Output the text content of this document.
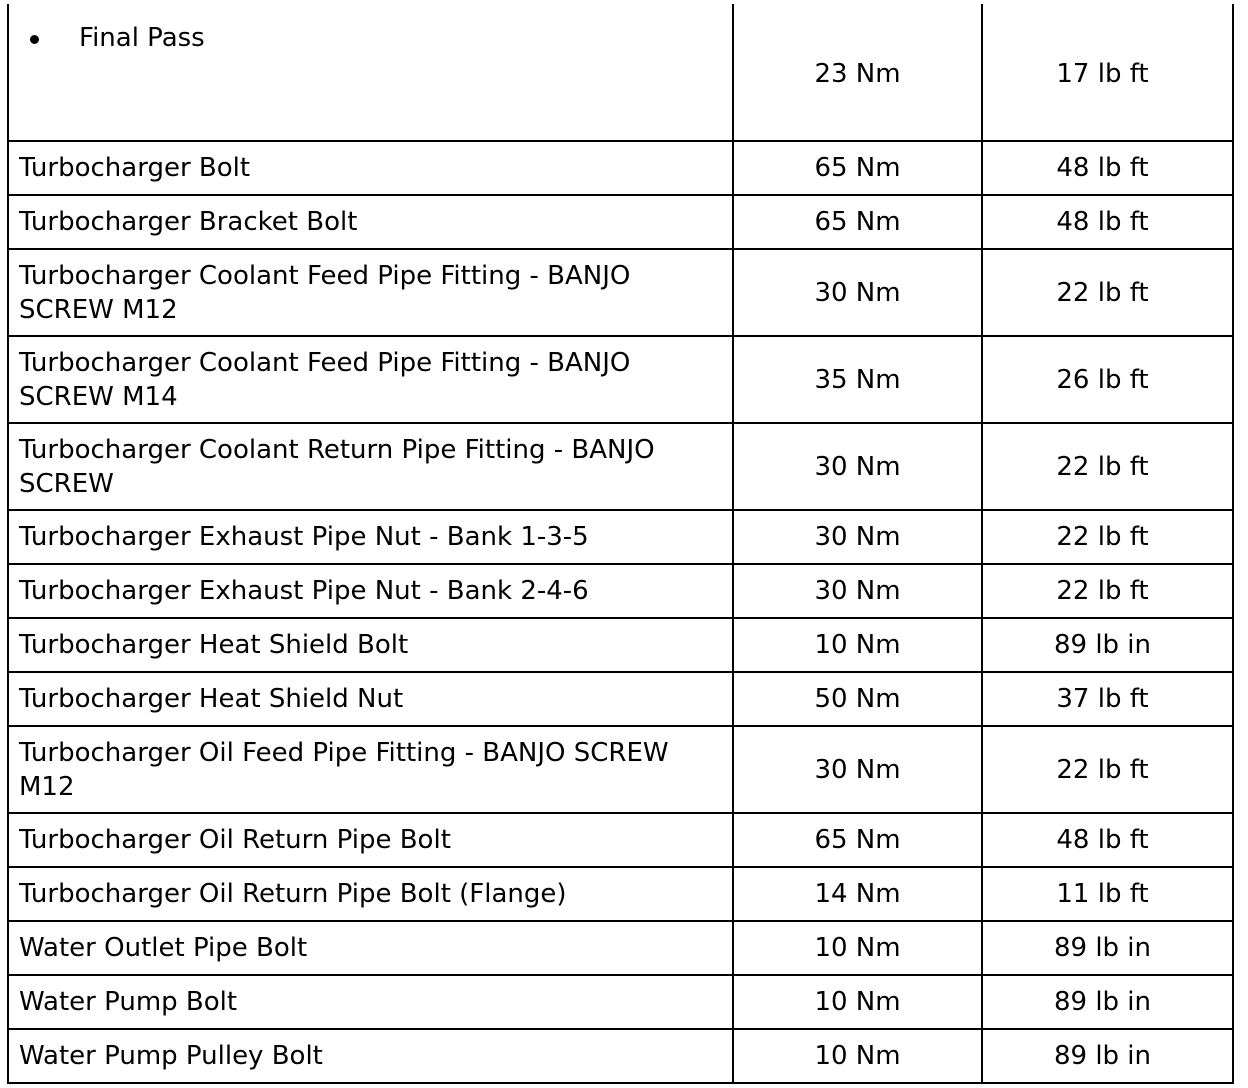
Final Pass	23 Nm	17 lb ft
Turbocharger Bolt	65 Nm	48 lb ft
Turbocharger Bracket Bolt	65 Nm	48 lb ft
Turbocharger Coolant Feed Pipe Fitting - BANJO SCREW M12	30 Nm	22 lb ft
Turbocharger Coolant Feed Pipe Fitting - BANJO SCREW M14	35 Nm	26 lb ft
Turbocharger Coolant Return Pipe Fitting - BANJO SCREW	30 Nm	22 lb ft
Turbocharger Exhaust Pipe Nut - Bank 1-3-5	30 Nm	22 lb ft
Turbocharger Exhaust Pipe Nut - Bank 2-4-6	30 Nm	22 lb ft
Turbocharger Heat Shield Bolt	10 Nm	89 lb in
Turbocharger Heat Shield Nut	50 Nm	37 lb ft
Turbocharger Oil Feed Pipe Fitting - BANJO SCREW M12	30 Nm	22 lb ft
Turbocharger Oil Return Pipe Bolt	65 Nm	48 lb ft
Turbocharger Oil Return Pipe Bolt (Flange)	14 Nm	11 lb ft
Water Outlet Pipe Bolt	10 Nm	89 lb in
Water Pump Bolt	10 Nm	89 lb in
Water Pump Pulley Bolt	10 Nm	89 lb in
